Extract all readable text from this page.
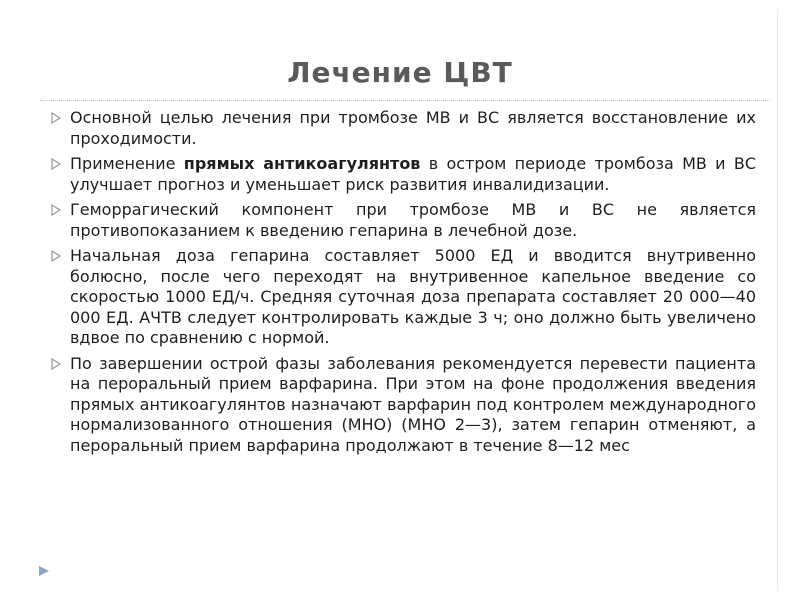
Лечение ЦВТ
Основной целью лечения при тромбозе МВ и ВС является восстановление их проходимости.
Применение прямых антикоагулянтов в остром периоде тромбоза МВ и ВС улучшает прогноз и уменьшает риск развития инвалидизации.
Геморрагический компонент при тромбозе МВ и ВС не является противопоказанием к введению гепарина в лечебной дозе.
Начальная доза гепарина составляет 5000 ЕД и вводится внутривенно болюсно, после чего переходят на внутривенное капельное введение со скоростью 1000 ЕД/ч. Средняя суточная доза препарата составляет 20 000—40 000 ЕД. АЧТВ следует контролировать каждые 3 ч; оно должно быть увеличено вдвое по сравнению с нормой.
По завершении острой фазы заболевания рекомендуется перевести пациента на пероральный прием варфарина. При этом на фоне продолжения введения прямых антикоагулянтов назначают варфарин под контролем международного нормализованного отношения (МНО) (МНО 2—3), затем гепарин отменяют, а пероральный прием варфарина продолжают в течение 8—12 мес
